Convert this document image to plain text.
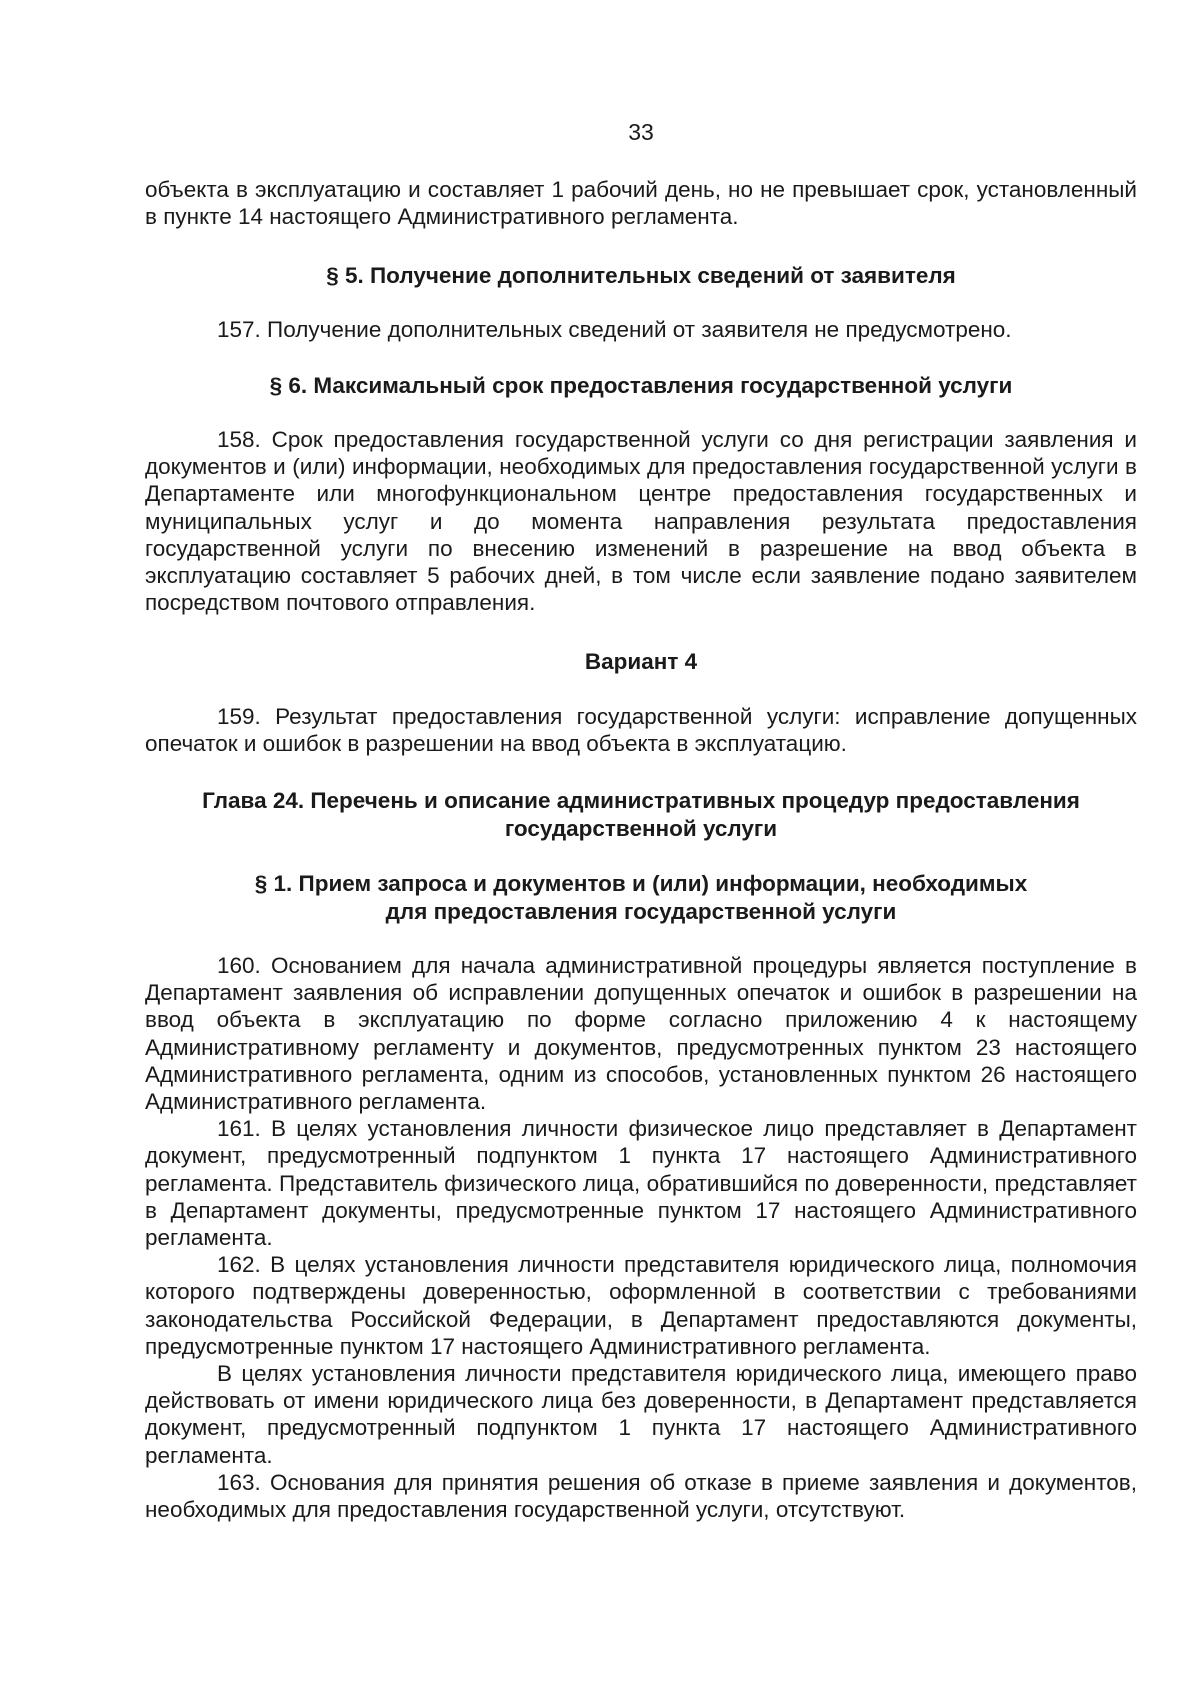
33

объекта в эксплуатацию и составляет 1 рабочий день, но не превышает срок, установленный в пункте 14 настоящего Административного регламента.

§ 5. Получение дополнительных сведений от заявителя

157. Получение дополнительных сведений от заявителя не предусмотрено.

§ 6. Максимальный срок предоставления государственной услуги

158. Срок предоставления государственной услуги со дня регистрации заявления и документов и (или) информации, необходимых для предоставления государственной услуги в Департаменте или многофункциональном центре предоставления государственных и муниципальных услуг и до момента направления результата предоставления государственной услуги по внесению изменений в разрешение на ввод объекта в эксплуатацию составляет 5 рабочих дней, в том числе если заявление подано заявителем посредством почтового отправления.

Вариант 4

159. Результат предоставления государственной услуги: исправление допущенных опечаток и ошибок в разрешении на ввод объекта в эксплуатацию.

Глава 24. Перечень и описание административных процедур предоставления
государственной услуги
§ 1. Прием запроса и документов и (или) информации, необходимых
для предоставления государственной услуги

160. Основанием для начала административной процедуры является поступление в Департамент заявления об исправлении допущенных опечаток и ошибок в разрешении на ввод объекта в эксплуатацию по форме согласно приложению 4 к настоящему Административному регламенту и документов, предусмотренных пунктом 23 настоящего Административного регламента, одним из способов, установленных пунктом 26 настоящего Административного регламента.

161. В целях установления личности физическое лицо представляет в Департамент документ, предусмотренный подпунктом 1 пункта 17 настоящего Административного регламента. Представитель физического лица, обратившийся по доверенности, представляет в Департамент документы, предусмотренные пунктом 17 настоящего Административного регламента.

162. В целях установления личности представителя юридического лица, полномочия которого подтверждены доверенностью, оформленной в соответствии с требованиями законодательства Российской Федерации, в Департамент предоставляются документы, предусмотренные пунктом 17 настоящего Административного регламента.

В целях установления личности представителя юридического лица, имеющего право действовать от имени юридического лица без доверенности, в Департамент представляется документ, предусмотренный подпунктом 1 пункта 17 настоящего Административного регламента.

163. Основания для принятия решения об отказе в приеме заявления и документов, необходимых для предоставления государственной услуги, отсутствуют.
